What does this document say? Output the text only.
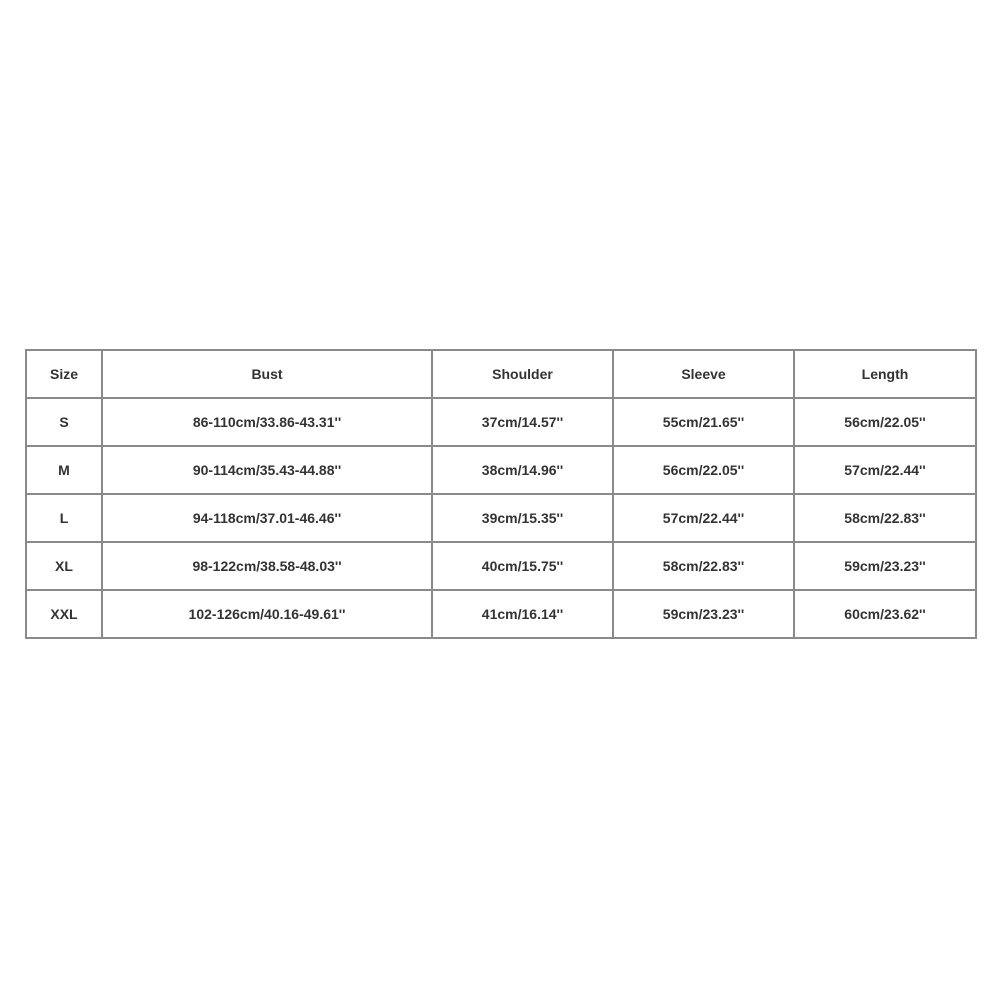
Size	Bust	Shoulder	Sleeve	Length
S	86-110cm/33.86-43.31''	37cm/14.57''	55cm/21.65''	56cm/22.05''
M	90-114cm/35.43-44.88''	38cm/14.96''	56cm/22.05''	57cm/22.44''
L	94-118cm/37.01-46.46''	39cm/15.35''	57cm/22.44''	58cm/22.83''
XL	98-122cm/38.58-48.03''	40cm/15.75''	58cm/22.83''	59cm/23.23''
XXL	102-126cm/40.16-49.61''	41cm/16.14''	59cm/23.23''	60cm/23.62''
